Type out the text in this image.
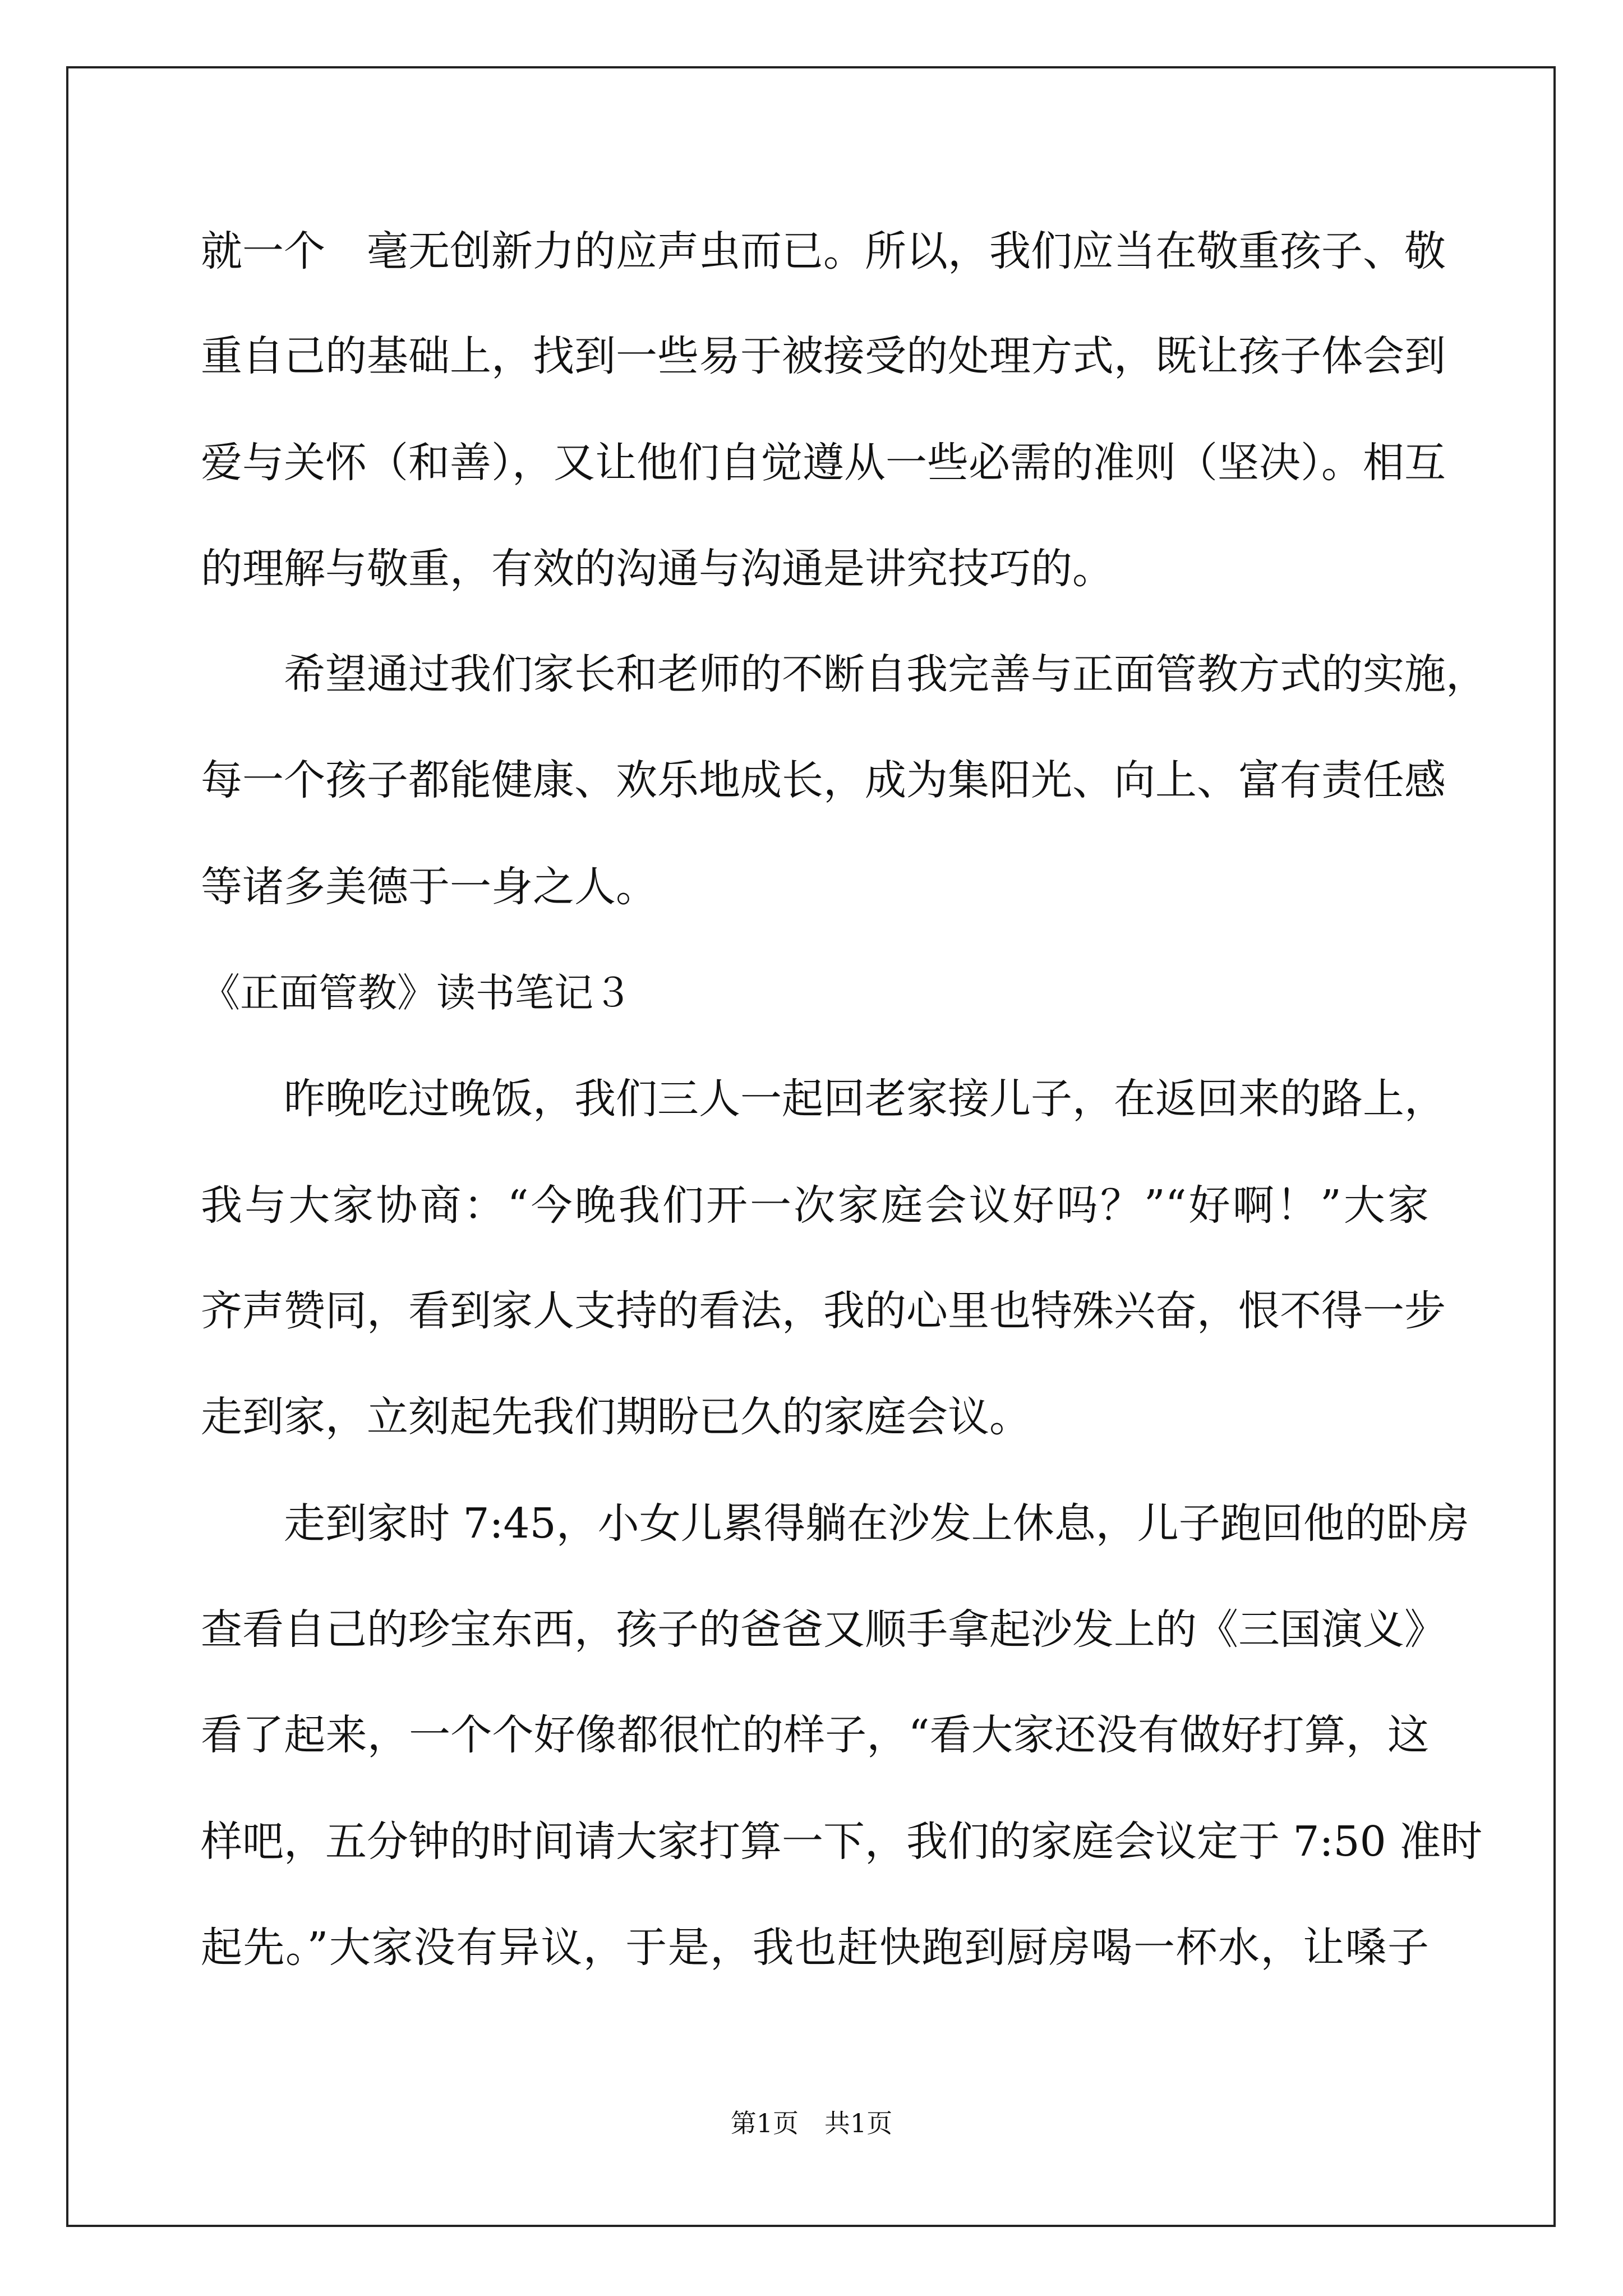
就一个　毫无创新力的应声虫而已。所以，我们应当在敬重孩子、敬
重自己的基础上，找到一些易于被接受的处理方式，既让孩子体会到
爱与关怀（和善），又让他们自觉遵从一些必需的准则（坚决）。相互
的理解与敬重，有效的沟通与沟通是讲究技巧的。
希望通过我们家长和老师的不断自我完善与正面管教方式的实施，
每一个孩子都能健康、欢乐地成长，成为集阳光、向上、富有责任感
等诸多美德于一身之人。
《正面管教》读书笔记３
昨晚吃过晚饭，我们三人一起回老家接儿子，在返回来的路上，
我与大家协商：“今晚我们开一次家庭会议好吗？”“好啊！”大家
齐声赞同，看到家人支持的看法，我的心里也特殊兴奋，恨不得一步
走到家，立刻起先我们期盼已久的家庭会议。
走到家时 7:45，小女儿累得躺在沙发上休息，儿子跑回他的卧房
查看自己的珍宝东西，孩子的爸爸又顺手拿起沙发上的《三国演义》
看了起来，一个个好像都很忙的样子，“看大家还没有做好打算，这
样吧，五分钟的时间请大家打算一下，我们的家庭会议定于 7:50 准时
起先。”大家没有异议，于是，我也赶快跑到厨房喝一杯水，让嗓子
第1页　共1页
